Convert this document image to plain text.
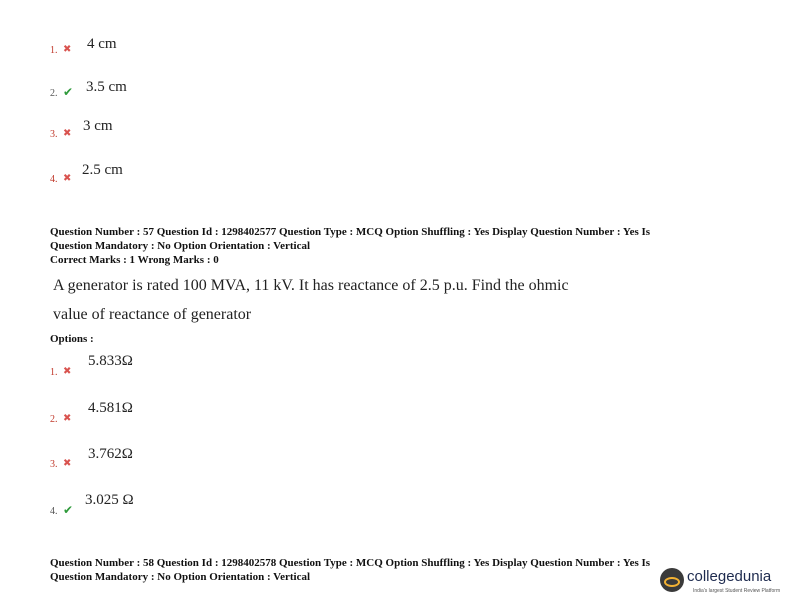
1. ✖ 4 cm
2. ✔ 3.5 cm
3. ✖ 3 cm
4. ✖
2.5 cm
Question Number : 57 Question Id : 1298402577 Question Type : MCQ Option Shuffling : Yes Display Question Number : Yes Is
Question Mandatory : No Option Orientation : Vertical
Correct Marks : 1 Wrong Marks : 0
A generator is rated 100 MVA, 11 kV. It has reactance of 2.5 p.u. Find the ohmic
value of reactance of generator
Options :
1. ✖
5.833Ω
2. ✖
4.581Ω
3. ✖
3.762Ω
4. ✔
3.025 Ω
Question Number : 58 Question Id : 1298402578 Question Type : MCQ Option Shuffling : Yes Display Question Number : Yes Is
Question Mandatory : No Option Orientation : Vertical	collegedunia
India's largest Student Review Platform
